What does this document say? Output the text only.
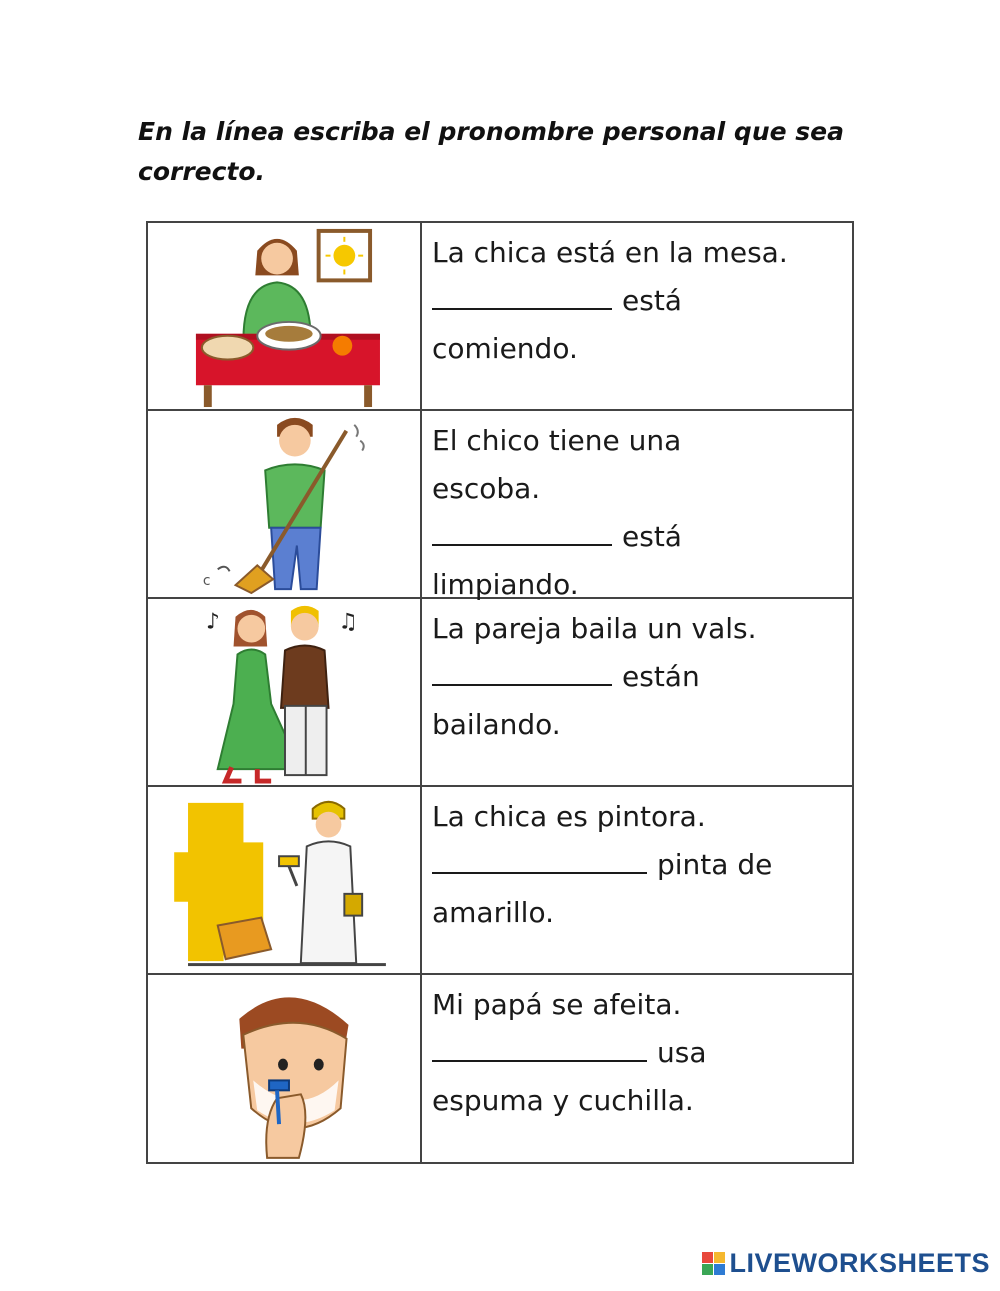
En la línea escriba el pronombre personal que sea correcto.
La chica está en la mesa.
está
comiendo.
c
El chico tiene una
escoba.
está
limpiando.
♪	♫	La pareja baila un vals.
están
bailando.
La chica es pintora.
pinta de
amarillo.
Mi papá se afeita.
usa
espuma y cuchilla.
LIVEWORKSHEETS
